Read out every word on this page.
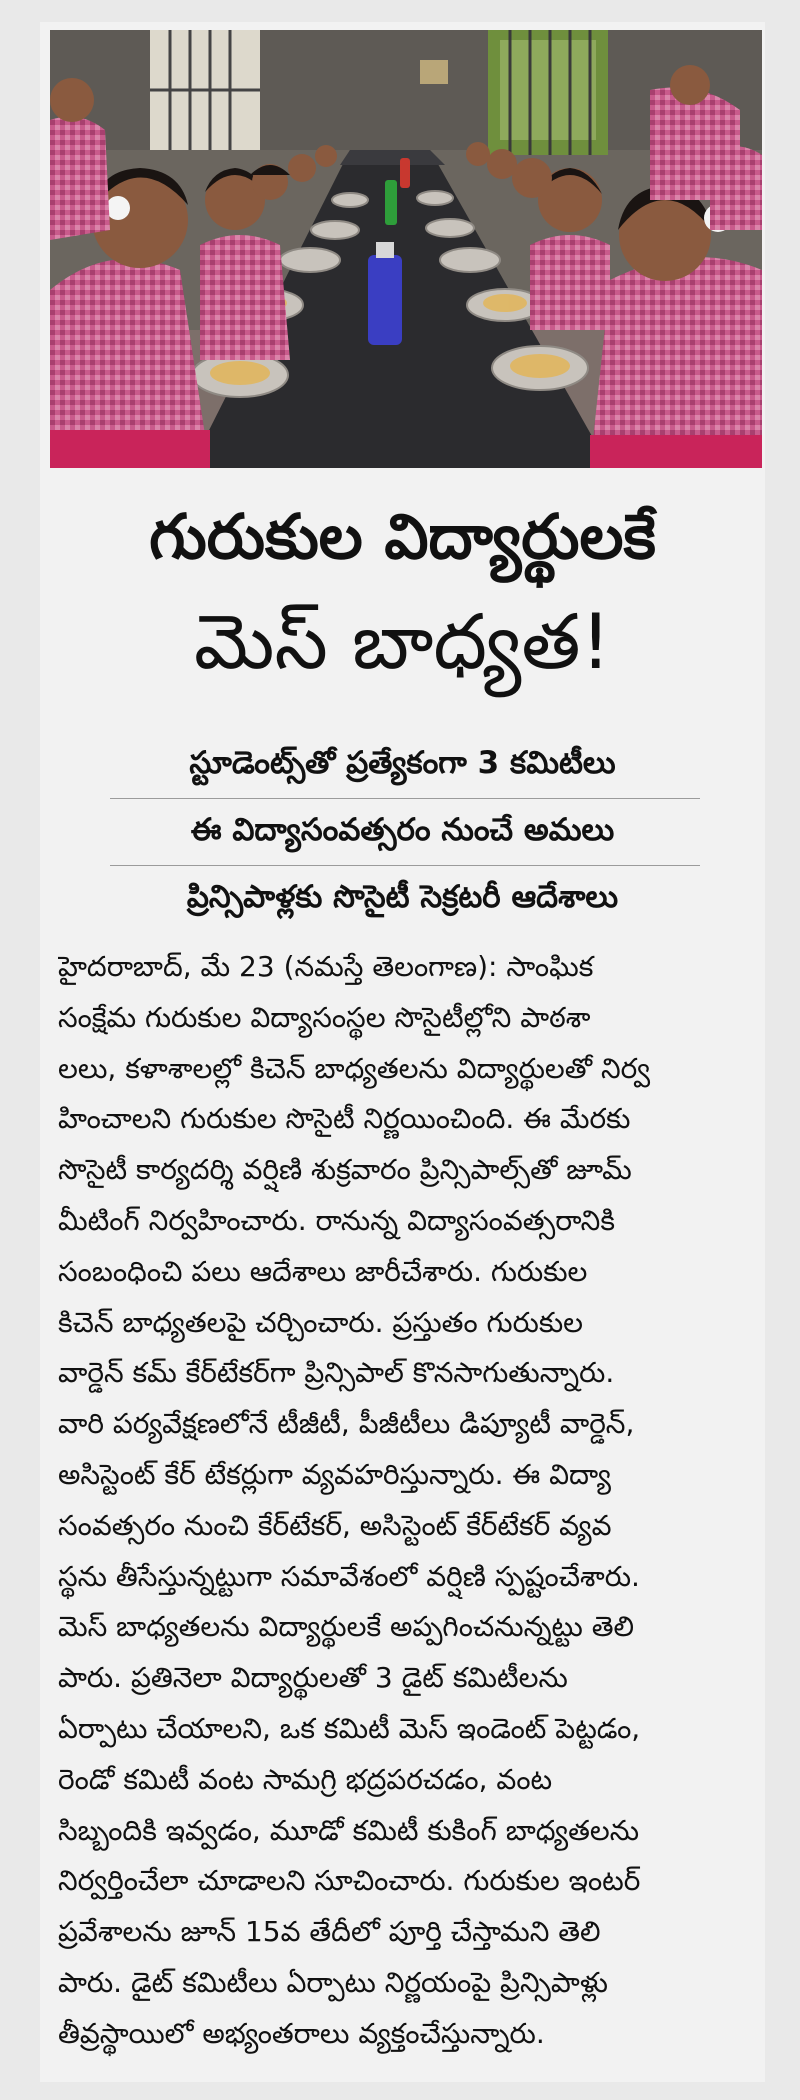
గురుకుల విద్యార్థులకే
మెస్ బాధ్యత!
స్టూడెంట్స్‌తో ప్రత్యేకంగా 3 కమిటీలు
ఈ విద్యాసంవత్సరం నుంచే అమలు
ప్రిన్సిపాళ్లకు సొసైటీ సెక్రటరీ ఆదేశాలు
హైదరాబాద్, మే 23 (నమస్తే తెలంగాణ): సాంఘిక
సంక్షేమ గురుకుల విద్యాసంస్థల సొసైటీల్లోని పాఠశా
లలు, కళాశాలల్లో కిచెన్ బాధ్యతలను విద్యార్థులతో నిర్వ
హించాలని గురుకుల సొసైటీ నిర్ణయించింది. ఈ మేరకు
సొసైటీ కార్యదర్శి వర్షిణి శుక్రవారం ప్రిన్సిపాల్స్‌తో జూమ్
మీటింగ్ నిర్వహించారు. రానున్న విద్యాసంవత్సరానికి
సంబంధించి పలు ఆదేశాలు జారీచేశారు. గురుకుల
కిచెన్ బాధ్యతలపై చర్చించారు. ప్రస్తుతం గురుకుల
వార్డెన్ కమ్ కేర్‌టేకర్‌గా ప్రిన్సిపాల్ కొనసాగుతున్నారు.
వారి పర్యవేక్షణలోనే టీజీటీ, పీజీటీలు డిప్యూటీ వార్డెన్,
అసిస్టెంట్ కేర్ టేకర్లుగా వ్యవహరిస్తున్నారు. ఈ విద్యా
సంవత్సరం నుంచి కేర్‌టేకర్, అసిస్టెంట్ కేర్‌టేకర్ వ్యవ
స్థను తీసేస్తున్నట్టుగా సమావేశంలో వర్షిణి స్పష్టంచేశారు.
మెస్ బాధ్యతలను విద్యార్థులకే అప్పగించనున్నట్టు తెలి
పారు. ప్రతినెలా విద్యార్థులతో 3 డైట్ కమిటీలను
ఏర్పాటు చేయాలని, ఒక కమిటీ మెస్ ఇండెంట్ పెట్టడం,
రెండో కమిటీ వంట సామగ్రి భద్రపరచడం, వంట
సిబ్బందికి ఇవ్వడం, మూడో కమిటీ కుకింగ్ బాధ్యతలను
నిర్వర్తించేలా చూడాలని సూచించారు. గురుకుల ఇంటర్
ప్రవేశాలను జూన్ 15వ తేదీలో పూర్తి చేస్తామని తెలి
పారు. డైట్ కమిటీలు ఏర్పాటు నిర్ణయంపై ప్రిన్సిపాళ్లు
తీవ్రస్థాయిలో అభ్యంతరాలు వ్యక్తంచేస్తున్నారు.
